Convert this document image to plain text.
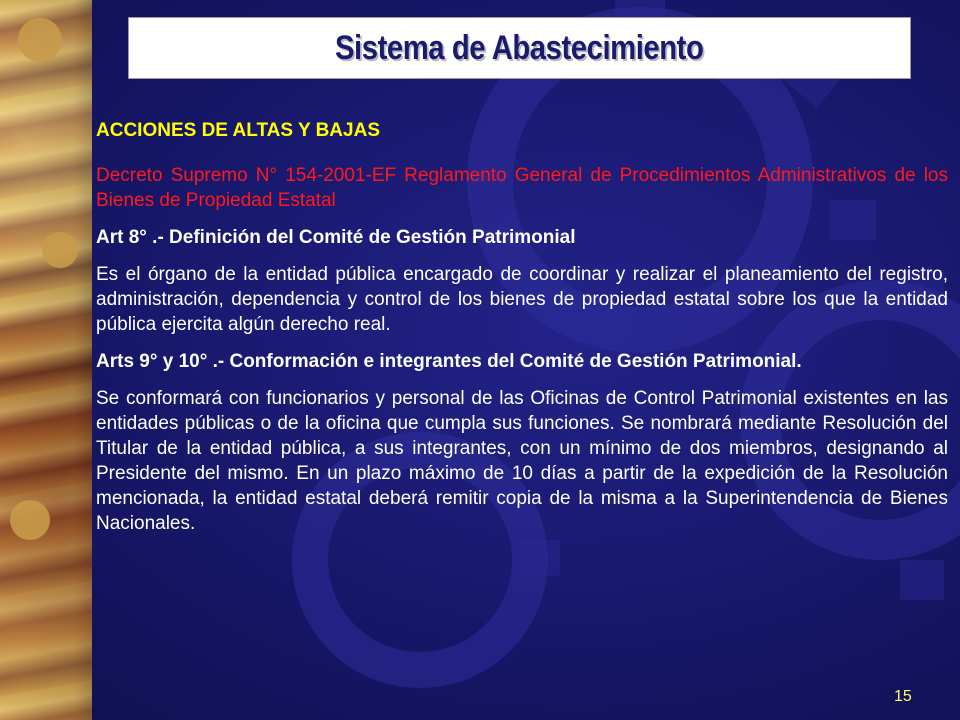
Sistema de Abastecimiento

ACCIONES DE ALTAS Y BAJAS

Decreto Supremo N° 154-2001-EF Reglamento General de Procedimientos Administrativos de los Bienes de Propiedad Estatal

Art 8° .- Definición del Comité de Gestión Patrimonial

Es el órgano de la entidad pública encargado de coordinar y realizar el planeamiento del registro, administración, dependencia y control de los bienes de propiedad estatal sobre los que la entidad pública ejercita algún derecho real.

Arts 9° y 10° .- Conformación e integrantes del Comité de Gestión Patrimonial.

Se conformará con funcionarios y personal de las Oficinas de Control Patrimonial existentes en las entidades públicas o de la oficina que cumpla sus funciones. Se nombrará mediante Resolución del Titular de la entidad pública, a sus integrantes, con un mínimo de dos miembros, designando al Presidente del mismo. En un plazo máximo de 10 días a partir de la expedición de la Resolución mencionada, la entidad estatal deberá remitir copia de la misma a la Superintendencia de Bienes Nacionales.

15
